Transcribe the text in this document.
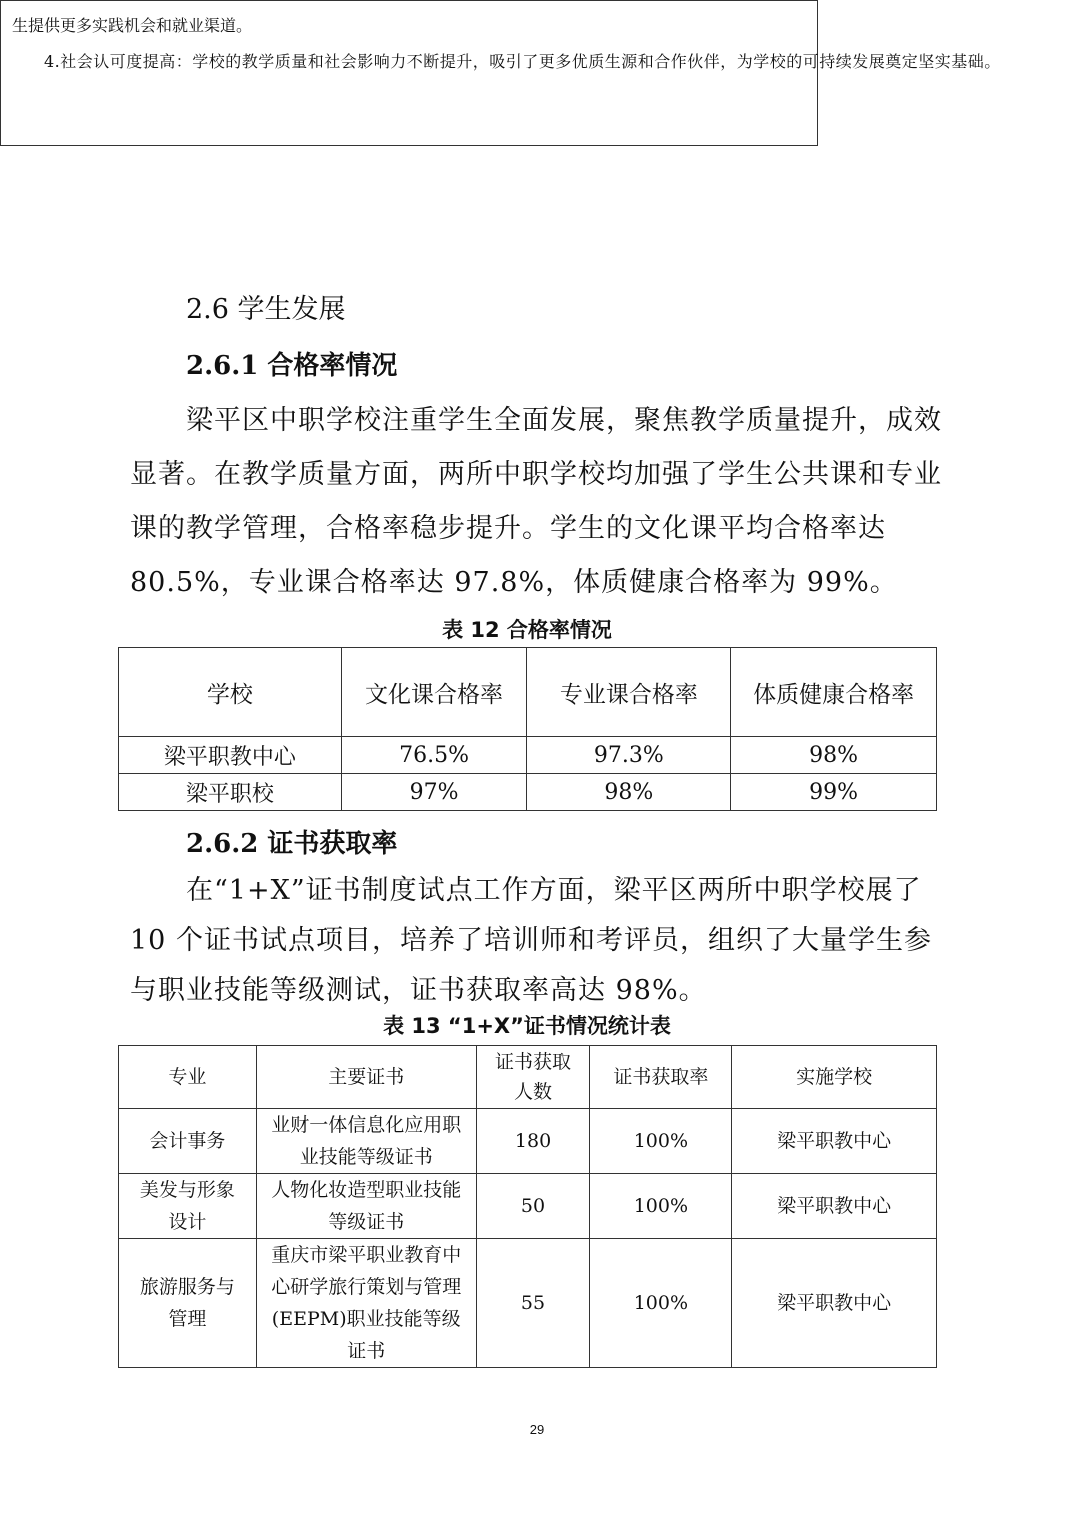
生提供更多实践机会和就业渠道。

4.社会认可度提高：学校的教学质量和社会影响力不断提升，吸引了更多优质生源和合作伙伴，为学校的可持续发展奠定坚实基础。

2.6 学生发展
2.6.1 合格率情况
梁平区中职学校注重学生全面发展，聚焦教学质量提升，成效显著。在教学质量方面，两所中职学校均加强了学生公共课和专业课的教学管理，合格率稳步提升。学生的文化课平均合格率达 80.5%，专业课合格率达 97.8%，体质健康合格率为 99%。
表 12 合格率情况
学校	文化课合格率	专业课合格率	体质健康合格率
梁平职教中心	76.5%	97.3%	98%
梁平职校	97%	98%	99%
2.6.2 证书获取率
在“1+X”证书制度试点工作方面，梁平区两所中职学校展了 10 个证书试点项目，培养了培训师和考评员，组织了大量学生参与职业技能等级测试，证书获取率高达 98%。
表 13 “1+X”证书情况统计表
专业	主要证书	证书获取人数	证书获取率	实施学校
会计事务	业财一体信息化应用职业技能等级证书	180	100%	梁平职教中心
美发与形象设计	人物化妆造型职业技能等级证书	50	100%	梁平职教中心
旅游服务与管理	重庆市梁平职业教育中心研学旅行策划与管理(EEPM)职业技能等级证书	55	100%	梁平职教中心
29
